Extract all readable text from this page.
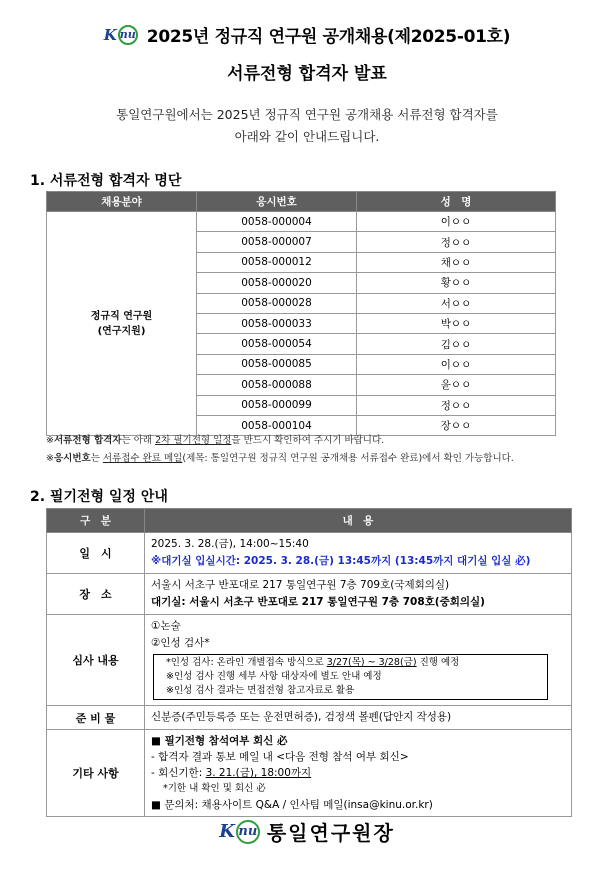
K nu 2025년 정규직 연구원 공개채용(제2025-01호)
서류전형 합격자 발표
통일연구원에서는 2025년 정규직 연구원 공개채용 서류전형 합격자를
아래와 같이 안내드립니다.
1. 서류전형 합격자 명단
채용분야	응시번호	성　명

정규직 연구원
(연구지원)	0058-000004	이ㅇㅇ
	0058-000007	정ㅇㅇ
	0058-000012	채ㅇㅇ
	0058-000020	황ㅇㅇ
	0058-000028	서ㅇㅇ
	0058-000033	박ㅇㅇ
	0058-000054	김ㅇㅇ
	0058-000085	이ㅇㅇ
	0058-000088	윤ㅇㅇ
	0058-000099	정ㅇㅇ
	0058-000104	장ㅇㅇ
※서류전형 합격자는 아래 2차 필기전형 일정을 반드시 확인하여 주시기 바랍니다.
※응시번호는 서류접수 완료 메일(제목: 통일연구원 정규직 연구원 공개채용 서류접수 완료)에서 확인 가능합니다.
2. 필기전형 일정 안내
구　분	내　용
일　시	2025. 3. 28.(금), 14:00~15:40
※대기실 입실시간: 2025. 3. 28.(금) 13:45까지 (13:45까지 대기실 입실 必)

장　소	서울시 서초구 반포대로 217 통일연구원 7층 709호(국제회의실)
대기실: 서울시 서초구 반포대로 217 통일연구원 7층 708호(중회의실)

심사 내용	①논술
②인성 검사*
*인성 검사: 온라인 개별접속 방식으로 3/27(목) ~ 3/28(금) 진행 예정
※인성 검사 진행 세부 사항 대상자에 별도 안내 예정
※인성 검사 결과는 면접전형 참고자료로 활용

준 비 물	신분증(주민등록증 또는 운전면허증), 검정색 볼펜(답안지 작성용)
기타 사항	■ 필기전형 참석여부 회신 必
- 합격자 결과 통보 메일 내 <다음 전형 참석 여부 회신>
- 회신기한: 3. 21.(금), 18:00까지
*기한 내 확인 및 회신 必
■ 문의처: 채용사이트 Q&A / 인사팀 메일(insa@kinu.or.kr)
K nu 통일연구원장
